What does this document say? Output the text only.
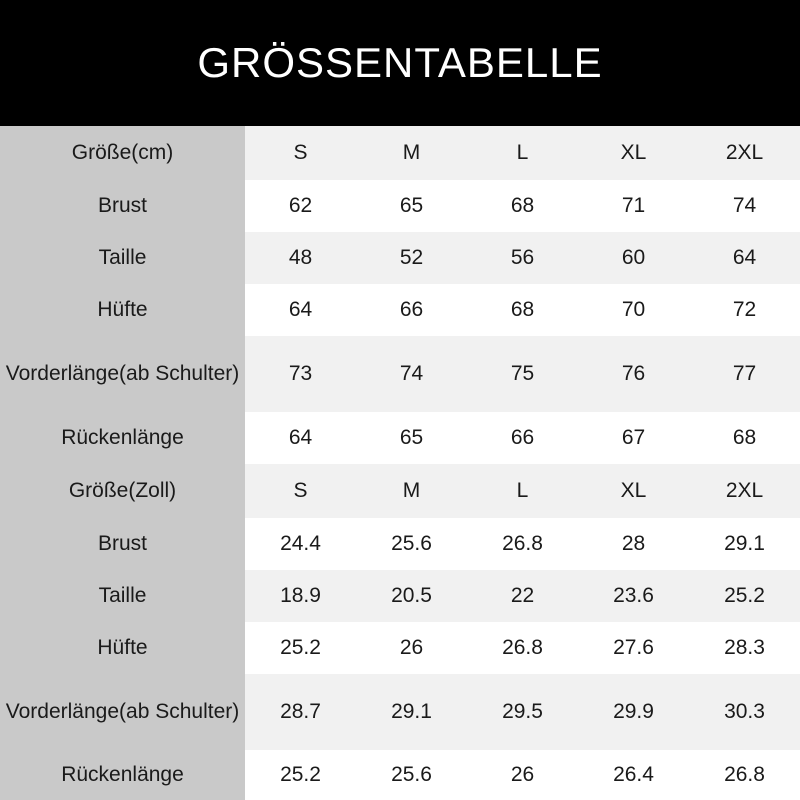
GRÖSSENTABELLE
Größe(cm)	S	M	L	XL	2XL
Brust	62	65	68	71	74
Taille	48	52	56	60	64
Hüfte	64	66	68	70	72
Vorderlänge (ab Schulter)	73	74	75	76	77
Rückenlänge	64	65	66	67	68
Größe(Zoll)	S	M	L	XL	2XL
Brust	24.4	25.6	26.8	28	29.1
Taille	18.9	20.5	22	23.6	25.2
Hüfte	25.2	26	26.8	27.6	28.3
Vorderlänge (ab Schulter)	28.7	29.1	29.5	29.9	30.3
Rückenlänge	25.2	25.6	26	26.4	26.8
